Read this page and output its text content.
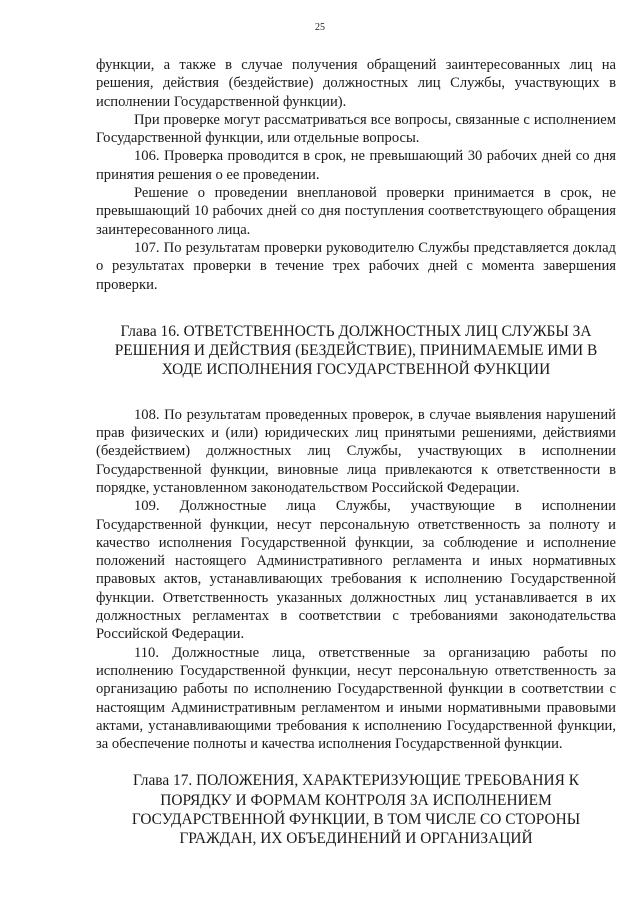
25

функции, а также в случае получения обращений заинтересованных лиц на решения, действия (бездействие) должностных лиц Службы, участвующих в исполнении Государственной функции).

При проверке могут рассматриваться все вопросы, связанные с исполнением Государственной функции, или отдельные вопросы.

106. Проверка проводится в срок, не превышающий 30 рабочих дней со дня принятия решения о ее проведении.

Решение о проведении внеплановой проверки принимается в срок, не превышающий 10 рабочих дней со дня поступления соответствующего обращения заинтересованного лица.

107. По результатам проверки руководителю Службы представляется доклад о результатах проверки в течение трех рабочих дней с момента завершения проверки.

Глава 16. ОТВЕТСТВЕННОСТЬ ДОЛЖНОСТНЫХ ЛИЦ СЛУЖБЫ ЗА РЕШЕНИЯ И ДЕЙСТВИЯ (БЕЗДЕЙСТВИЕ), ПРИНИМАЕМЫЕ ИМИ В ХОДЕ ИСПОЛНЕНИЯ ГОСУДАРСТВЕННОЙ ФУНКЦИИ

108. По результатам проведенных проверок, в случае выявления нарушений прав физических и (или) юридических лиц принятыми решениями, действиями (бездействием) должностных лиц Службы, участвующих в исполнении Государственной функции, виновные лица привлекаются к ответственности в порядке, установленном законодательством Российской Федерации.

109. Должностные лица Службы, участвующие в исполнении Государственной функции, несут персональную ответственность за полноту и качество исполнения Государственной функции, за соблюдение и исполнение положений настоящего Административного регламента и иных нормативных правовых актов, устанавливающих требования к исполнению Государственной функции. Ответственность указанных должностных лиц устанавливается в их должностных регламентах в соответствии с требованиями законодательства Российской Федерации.

110. Должностные лица, ответственные за организацию работы по исполнению Государственной функции, несут персональную ответственность за организацию работы по исполнению Государственной функции в соответствии с настоящим Административным регламентом и иными нормативными правовыми актами, устанавливающими требования к исполнению Государственной функции, за обеспечение полноты и качества исполнения Государственной функции.

Глава 17. ПОЛОЖЕНИЯ, ХАРАКТЕРИЗУЮЩИЕ ТРЕБОВАНИЯ К ПОРЯДКУ И ФОРМАМ КОНТРОЛЯ ЗА ИСПОЛНЕНИЕМ ГОСУДАРСТВЕННОЙ ФУНКЦИИ, В ТОМ ЧИСЛЕ СО СТОРОНЫ ГРАЖДАН, ИХ ОБЪЕДИНЕНИЙ И ОРГАНИЗАЦИЙ
